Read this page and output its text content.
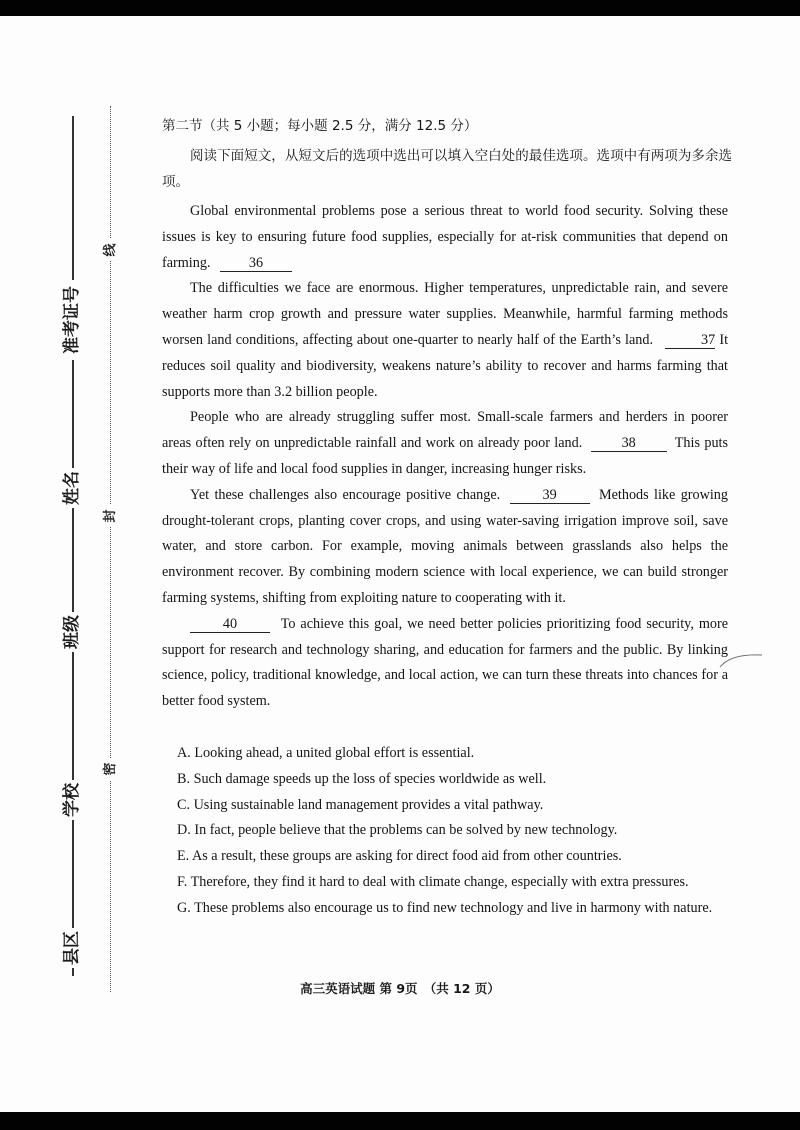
准考证号
姓名
班级
学校
县区
线
封
密
第二节（共 5 小题；每小题 2.5 分，满分 12.5 分）
阅读下面短文，从短文后的选项中选出可以填入空白处的最佳选项。选项中有两项为多余选项。

Global environmental problems pose a serious threat to world food security. Solving these issues is key to ensuring future food supplies, especially for at-risk communities that depend on farming.	36

The difficulties we face are enormous. Higher temperatures, unpredictable rain, and severe weather harm crop growth and pressure water supplies. Meanwhile, harmful farming methods worsen land conditions, affecting about one-quarter to nearly half of the Earth’s land.	37 It reduces soil quality and biodiversity, weakens nature’s ability to recover and harms farming that supports more than 3.2 billion people.

People who are already struggling suffer most. Small-scale farmers and herders in poorer areas often rely on unpredictable rainfall and work on already poor land.	38	This puts their way of life and local food supplies in danger, increasing hunger risks.

Yet these challenges also encourage positive change.	39	Methods like growing drought-tolerant crops, planting cover crops, and using water-saving irrigation improve soil, save water, and store carbon. For example, moving animals between grasslands also helps the environment recover. By combining modern science with local experience, we can build stronger farming systems, shifting from exploiting nature to cooperating with it.

40	To achieve this goal, we need better policies prioritizing food security, more support for research and technology sharing, and education for farmers and the public. By linking science, policy, traditional knowledge, and local action, we can turn these threats into chances for a better food system.

A. Looking ahead, a united global effort is essential.
B. Such damage speeds up the loss of species worldwide as well.
C. Using sustainable land management provides a vital pathway.
D. In fact, people believe that the problems can be solved by new technology.
E. As a result, these groups are asking for direct food aid from other countries.
F. Therefore, they find it hard to deal with climate change, especially with extra pressures.
G. These problems also encourage us to find new technology and live in harmony with nature.
高三英语试题 第 9页　（共 12 页）
